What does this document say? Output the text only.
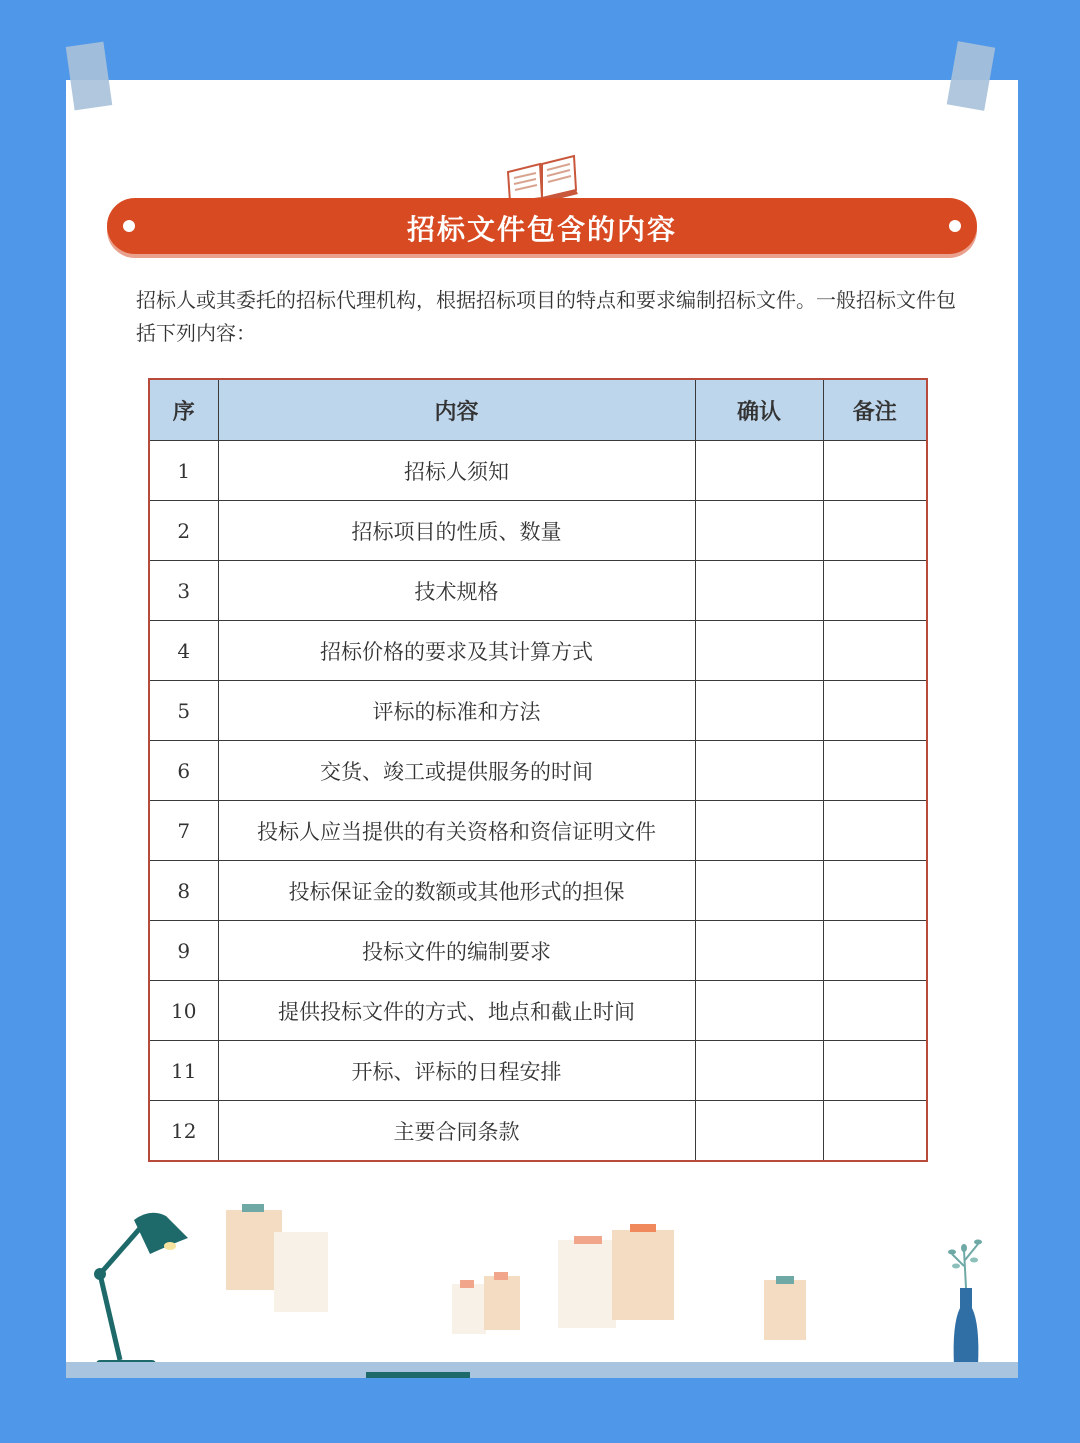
招标文件包含的内容
招标人或其委托的招标代理机构，根据招标项目的特点和要求编制招标文件。一般招标文件包括下列内容：
序	内容	确认	备注
1	招标人须知		
2	招标项目的性质、数量		
3	技术规格		
4	招标价格的要求及其计算方式		
5	评标的标准和方法		
6	交货、竣工或提供服务的时间		
7	投标人应当提供的有关资格和资信证明文件		
8	投标保证金的数额或其他形式的担保		
9	投标文件的编制要求		
10	提供投标文件的方式、地点和截止时间		
11	开标、评标的日程安排		
12	主要合同条款		
